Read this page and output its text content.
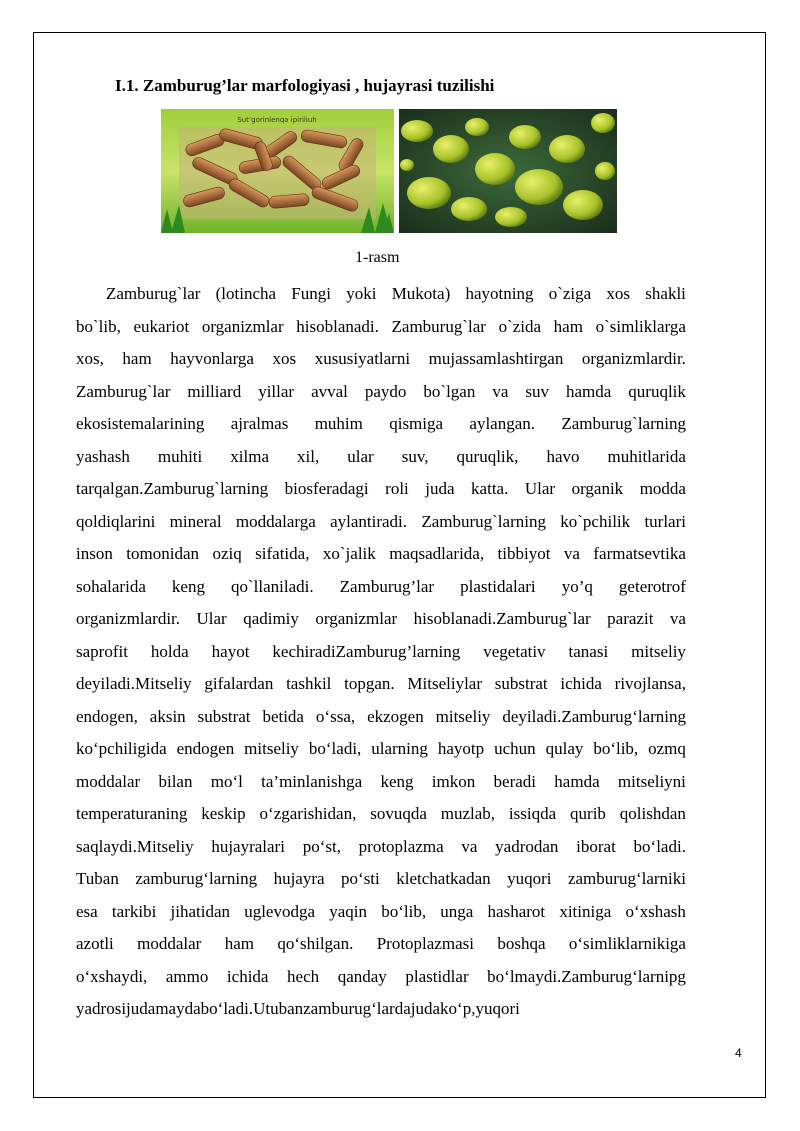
I.1. Zamburug’lar marfologiyasi , hujayrasi tuzilishi
Sut’gorinlenqa ipiriliuh
1-rasm
Zamburug`lar (lotincha Fungi yoki Mukota) hayotning o`ziga xos shakli
bo`lib, eukariot organizmlar hisoblanadi. Zamburug`lar o`zida ham o`simliklarga
xos, ham hayvonlarga xos xususiyatlarni mujassamlashtirgan organizmlardir.
Zamburug`lar milliard yillar avval paydo bo`lgan va suv hamda quruqlik
ekosistemalarining ajralmas muhim qismiga aylangan. Zamburug`larning
yashash muhiti xilma xil, ular suv, quruqlik, havo muhitlarida
tarqalgan.Zamburug`larning biosferadagi roli juda katta. Ular organik modda
qoldiqlarini mineral moddalarga aylantiradi. Zamburug`larning ko`pchilik turlari
inson tomonidan oziq sifatida, xo`jalik maqsadlarida, tibbiyot va farmatsevtika
sohalarida keng qo`llaniladi. Zamburug’lar plastidalari yo’q geterotrof
organizmlardir. Ular qadimiy organizmlar hisoblanadi.Zamburug`lar parazit va
saprofit holda hayot kechiradiZamburug’larning vegetativ tanasi mitseliy
deyiladi.Mitseliy gifalardan tashkil topgan. Mitseliylar substrat ichida rivojlansa,
endogen, aksin substrat betida o‘ssa, ekzogen mitseliy deyiladi.Zamburug‘larning
ko‘pchiligida endogen mitseliy bo‘ladi, ularning hayotp uchun qulay bo‘lib, ozmq
moddalar bilan mo‘l ta’minlanishga keng imkon beradi hamda mitseliyni
temperaturaning keskip o‘zgarishidan, sovuqda muzlab, issiqda qurib qolishdan
saqlaydi.Mitseliy hujayralari po‘st, protoplazma va yadrodan iborat bo‘ladi.
Tuban zamburug‘larning hujayra po‘sti kletchatkadan yuqori zamburug‘larniki
esa tarkibi jihatidan uglevodga yaqin bo‘lib, unga hasharot xitiniga o‘xshash
azotli moddalar ham qo‘shilgan. Protoplazmasi boshqa o‘simliklarnikiga
o‘xshaydi, ammo ichida hech qanday plastidlar bo‘lmaydi.Zamburug‘larnipg
yadrosi juda mayda bo‘ladi. U tuban zamburug‘larda juda ko‘p, yuqori
4
